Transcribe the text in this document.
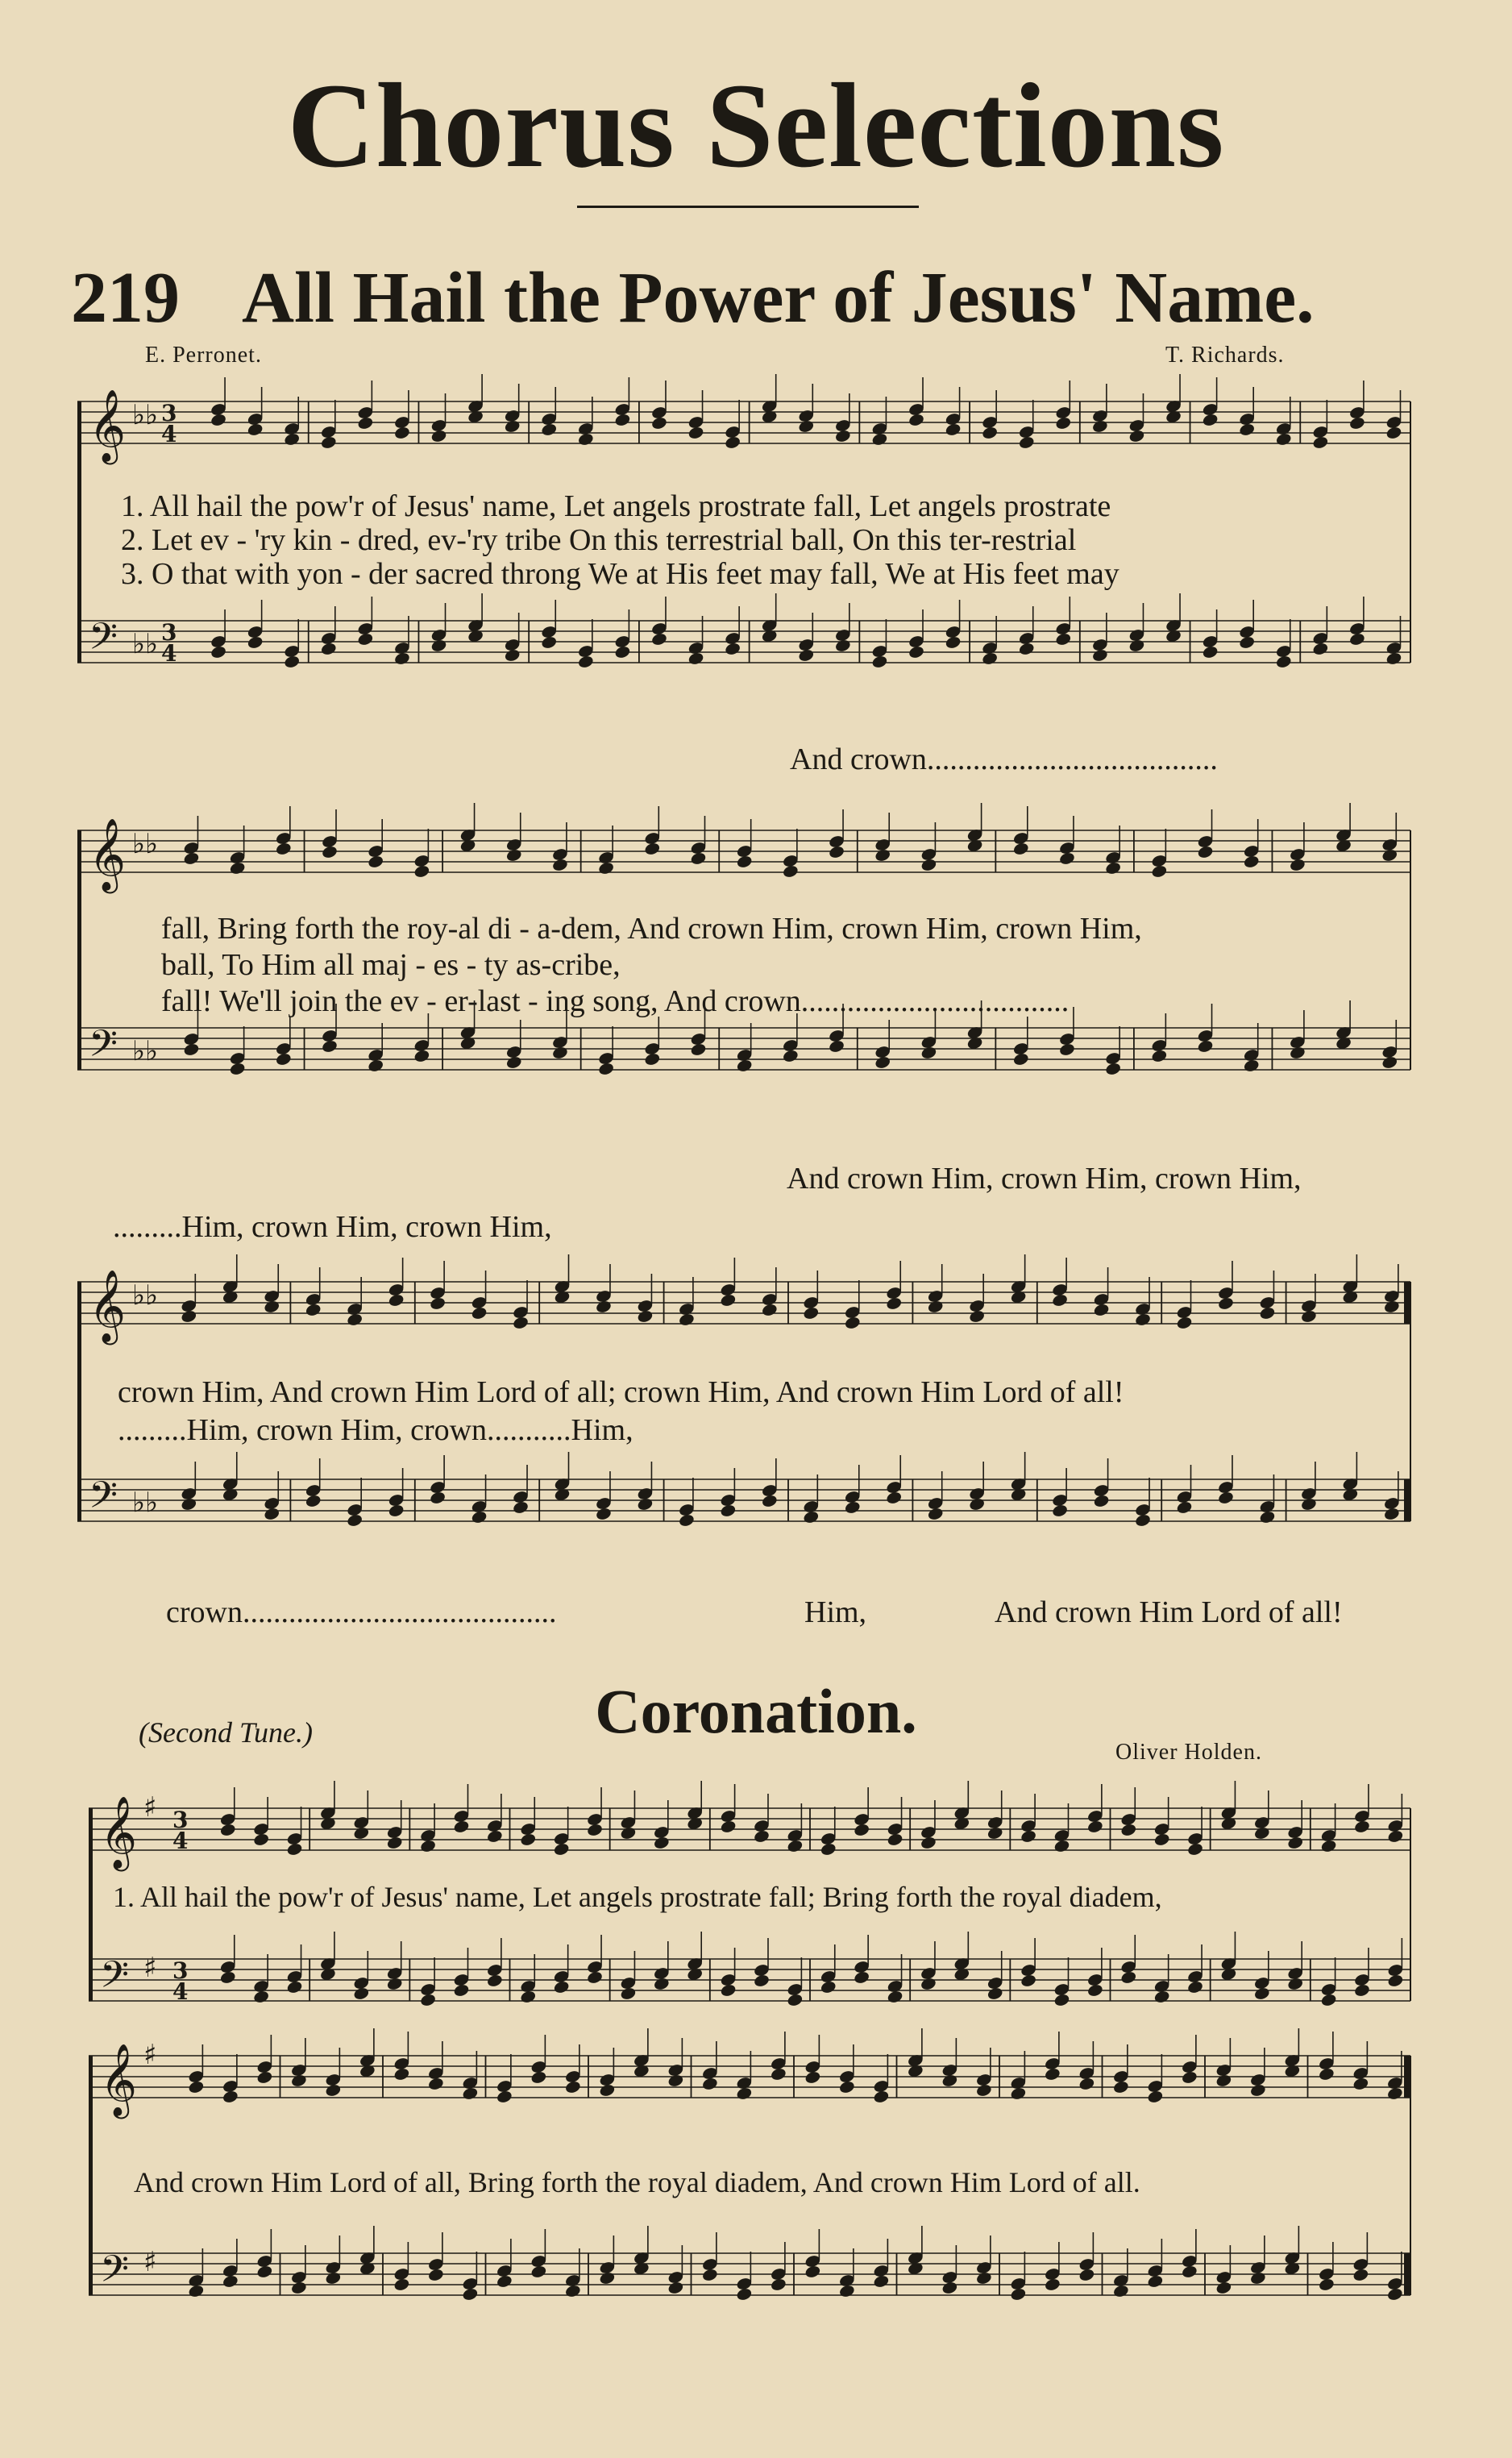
Chorus Selections
219 All Hail the Power of Jesus' Name.
E. Perronet.	T. Richards.
𝄞
𝄢
♭♭
♭♭
3
4
3
4
1. All hail the pow'r of Jesus' name, Let angels prostrate fall, Let angels prostrate
2. Let ev - 'ry kin - dred, ev-'ry tribe On this terrestrial ball, On this ter-restrial
3. O that with yon - der sacred throng We at His feet may fall, We at His feet may
And crown......................................
𝄞
𝄢
♭♭
♭♭
fall, Bring forth the roy-al di - a-dem, And crown Him, crown Him, crown Him,
ball, To Him all maj - es - ty as-cribe,
fall! We'll join the ev - er-last - ing song, And crown...................................
And crown Him, crown Him, crown Him,
.........Him, crown Him, crown Him,
𝄞
𝄢
♭♭
♭♭
crown Him, And crown Him Lord of all; crown Him, And crown Him Lord of all!
.........Him, crown Him, crown...........Him,
crown.........................................	Him,	And crown Him Lord of all!
(Second Tune.)	Coronation.
Oliver Holden.
𝄞
𝄢
♯
♯
3
4
3
4
1. All hail the pow'r of Jesus' name, Let angels prostrate fall; Bring forth the royal diadem,
𝄞
𝄢
♯
♯
And crown Him Lord of all, Bring forth the royal diadem, And crown Him Lord of all.
